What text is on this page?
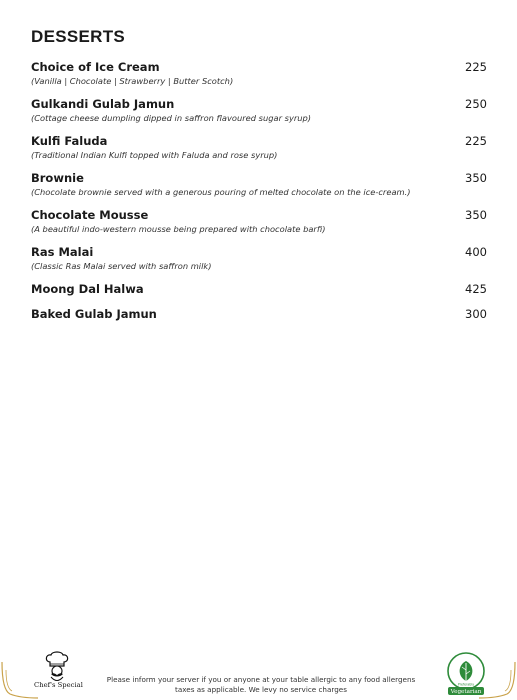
DESSERTS
Choice of Ice Cream	225
(Vanilla | Chocolate | Strawberry | Butter Scotch)
Gulkandi Gulab Jamun	250
(Cottage cheese dumpling dipped in saffron flavoured sugar syrup)
Kulfi Faluda	225
(Traditional Indian Kulfi topped with Faluda and rose syrup)
Brownie	350
(Chocolate brownie served with a generous pouring of melted chocolate on the ice-cream.)
Chocolate Mousse	350
(A beautiful indo-western mousse being prepared with chocolate barfi)
Ras Malai	400
(Classic Ras Malai served with saffron milk)
Moong Dal Halwa	425
Baked Gulab Jamun	300
Chef's Special
Please inform your server if you or anyone at your table allergic to any food allergens
taxes as applicable. We levy no service charges
Preferably
Vegetarian
